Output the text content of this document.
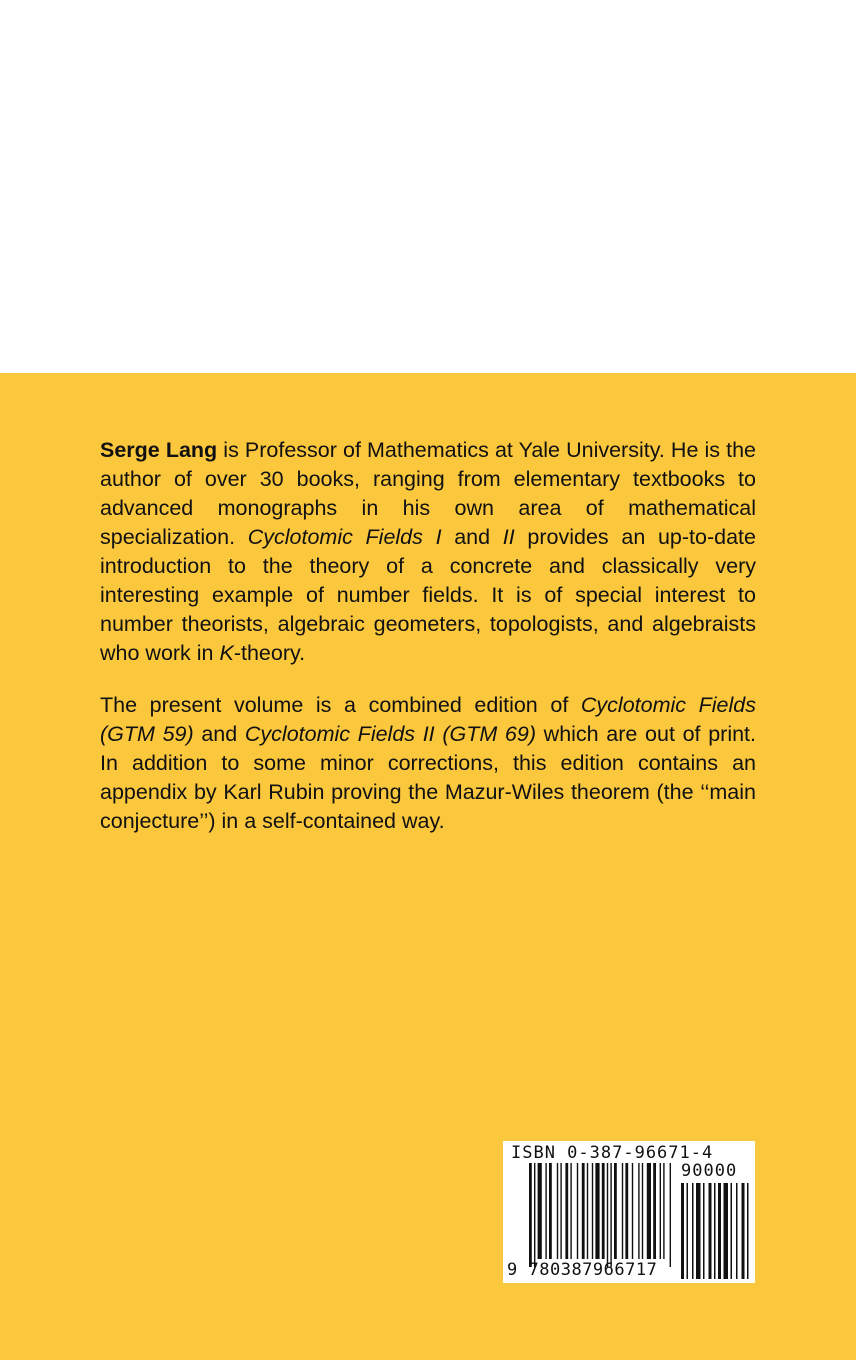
Serge Lang is Professor of Mathematics at Yale University. He is the author of over 30 books, ranging from elementary textbooks to advanced monographs in his own area of mathematical specialization. Cyclotomic Fields I and II provides an up-to-date introduction to the theory of a concrete and classically very interesting example of number fields. It is of special interest to number theorists, algebraic geometers, topologists, and algebraists who work in K-theory.

The present volume is a combined edition of Cyclotomic Fields (GTM 59) and Cyclotomic Fields II (GTM 69) which are out of print. In addition to some minor corrections, this edition contains an appendix by Karl Rubin proving the Mazur-Wiles theorem (the ‘‘main conjecture’’) in a self-contained way.

ISBN 0-387-96671-4
90000
9 780387966717
